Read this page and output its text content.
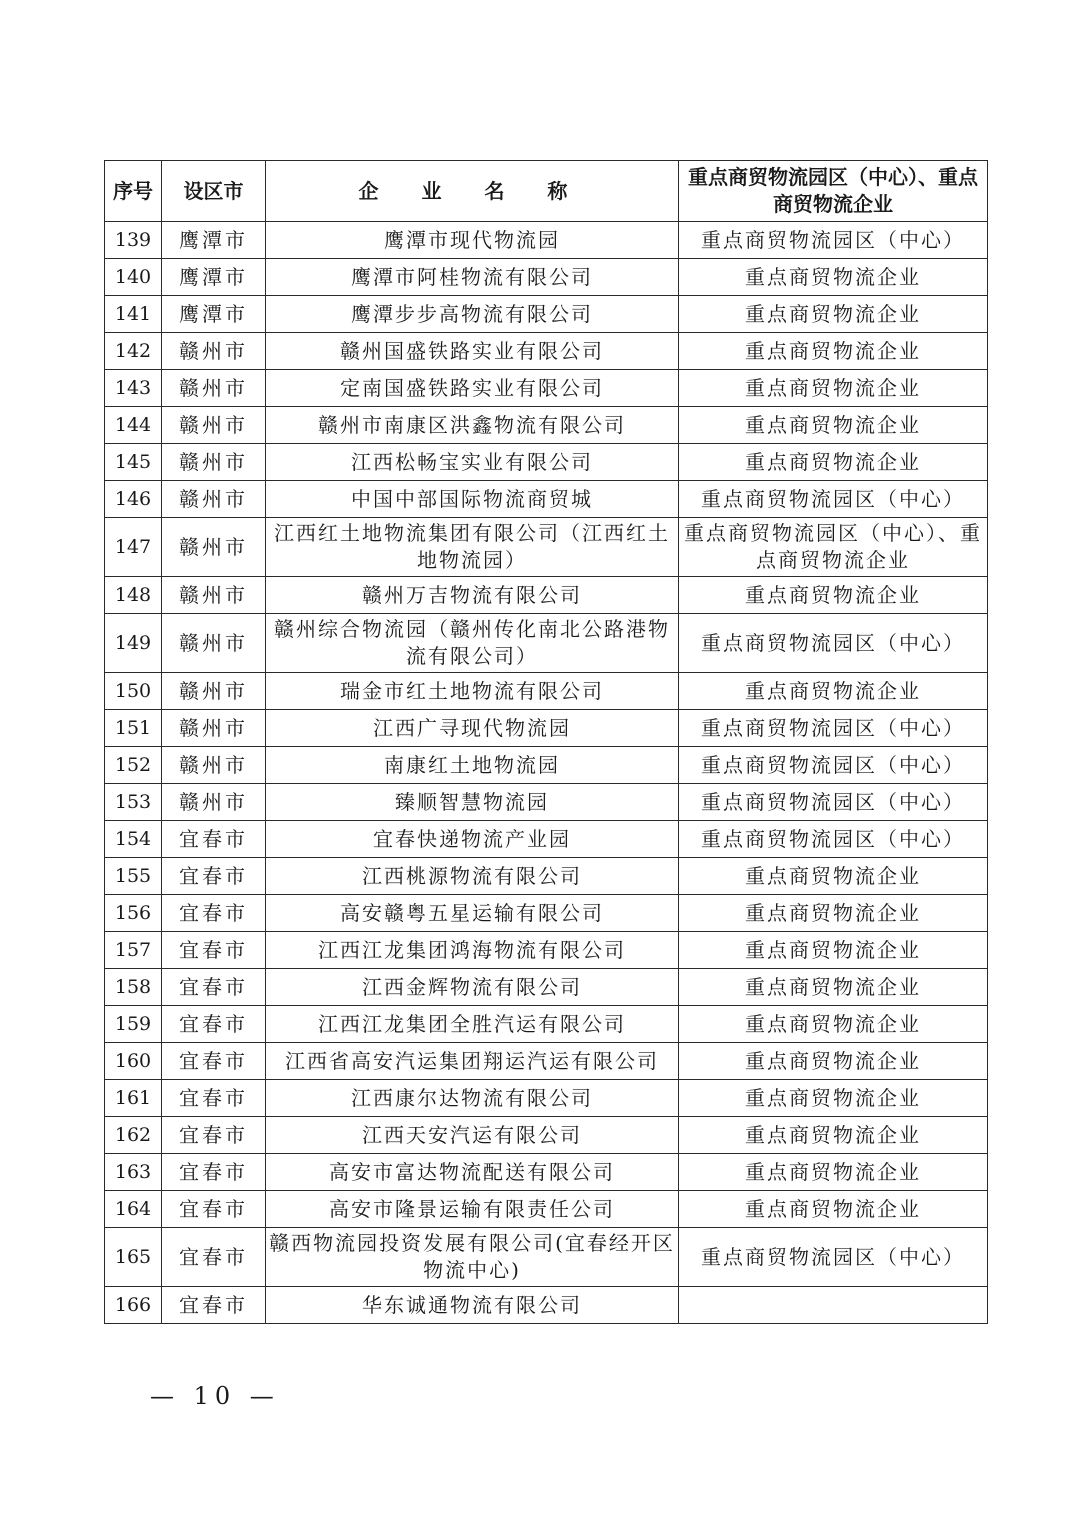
序号	设区市	企 业 名 称	重点商贸物流园区（中心）、重点商贸物流企业
139	鹰潭市	鹰潭市现代物流园	重点商贸物流园区（中心）
140	鹰潭市	鹰潭市阿桂物流有限公司	重点商贸物流企业
141	鹰潭市	鹰潭步步高物流有限公司	重点商贸物流企业
142	赣州市	赣州国盛铁路实业有限公司	重点商贸物流企业
143	赣州市	定南国盛铁路实业有限公司	重点商贸物流企业
144	赣州市	赣州市南康区洪鑫物流有限公司	重点商贸物流企业
145	赣州市	江西松畅宝实业有限公司	重点商贸物流企业
146	赣州市	中国中部国际物流商贸城	重点商贸物流园区（中心）
147	赣州市	江西红土地物流集团有限公司（江西红土地物流园）	重点商贸物流园区（中心）、重点商贸物流企业
148	赣州市	赣州万吉物流有限公司	重点商贸物流企业
149	赣州市	赣州综合物流园（赣州传化南北公路港物流有限公司）	重点商贸物流园区（中心）
150	赣州市	瑞金市红土地物流有限公司	重点商贸物流企业
151	赣州市	江西广寻现代物流园	重点商贸物流园区（中心）
152	赣州市	南康红土地物流园	重点商贸物流园区（中心）
153	赣州市	臻顺智慧物流园	重点商贸物流园区（中心）
154	宜春市	宜春快递物流产业园	重点商贸物流园区（中心）
155	宜春市	江西桃源物流有限公司	重点商贸物流企业
156	宜春市	高安赣粤五星运输有限公司	重点商贸物流企业
157	宜春市	江西江龙集团鸿海物流有限公司	重点商贸物流企业
158	宜春市	江西金辉物流有限公司	重点商贸物流企业
159	宜春市	江西江龙集团全胜汽运有限公司	重点商贸物流企业
160	宜春市	江西省高安汽运集团翔运汽运有限公司	重点商贸物流企业
161	宜春市	江西康尔达物流有限公司	重点商贸物流企业
162	宜春市	江西天安汽运有限公司	重点商贸物流企业
163	宜春市	高安市富达物流配送有限公司	重点商贸物流企业
164	宜春市	高安市隆景运输有限责任公司	重点商贸物流企业
165	宜春市	赣西物流园投资发展有限公司(宜春经开区物流中心)	重点商贸物流园区（中心）
166	宜春市	华东诚通物流有限公司	
— 10 —
